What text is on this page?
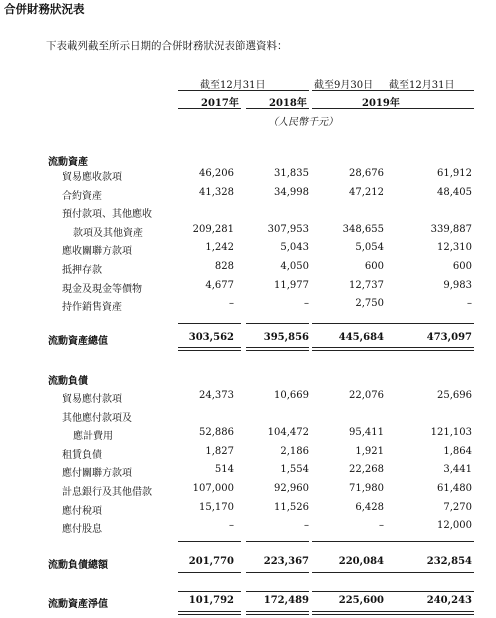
合併財務狀況表
下表載列截至所示日期的合併財務狀況表節選資料：
截至12月31日	截至9月30日 截至12月31日
2017年	2018年	2019年
（人民幣千元）
流動資產
貿易應收款項	46,206	31,835	28,676	61,912
合約資產	41,328	34,998	47,212	48,405
預付款項、其他應收
款項及其他資產	209,281	307,953	348,655	339,887
應收關聯方款項	1,242	5,043	5,054	12,310
抵押存款	828	4,050	600	600
現金及現金等價物	4,677	11,977	12,737	9,983
持作銷售資產	–	–	2,750	–
流動資產總值	303,562	395,856	445,684	473,097
流動負債
貿易應付款項	24,373	10,669	22,076	25,696
其他應付款項及
應計費用	52,886	104,472	95,411	121,103
租賃負債	1,827	2,186	1,921	1,864
應付關聯方款項	514	1,554	22,268	3,441
計息銀行及其他借款	107,000	92,960	71,980	61,480
應付稅項	15,170	11,526	6,428	7,270
應付股息	–	–	–	12,000
流動負債總額	201,770	223,367	220,084	232,854
流動資產淨值	101,792	172,489	225,600	240,243
